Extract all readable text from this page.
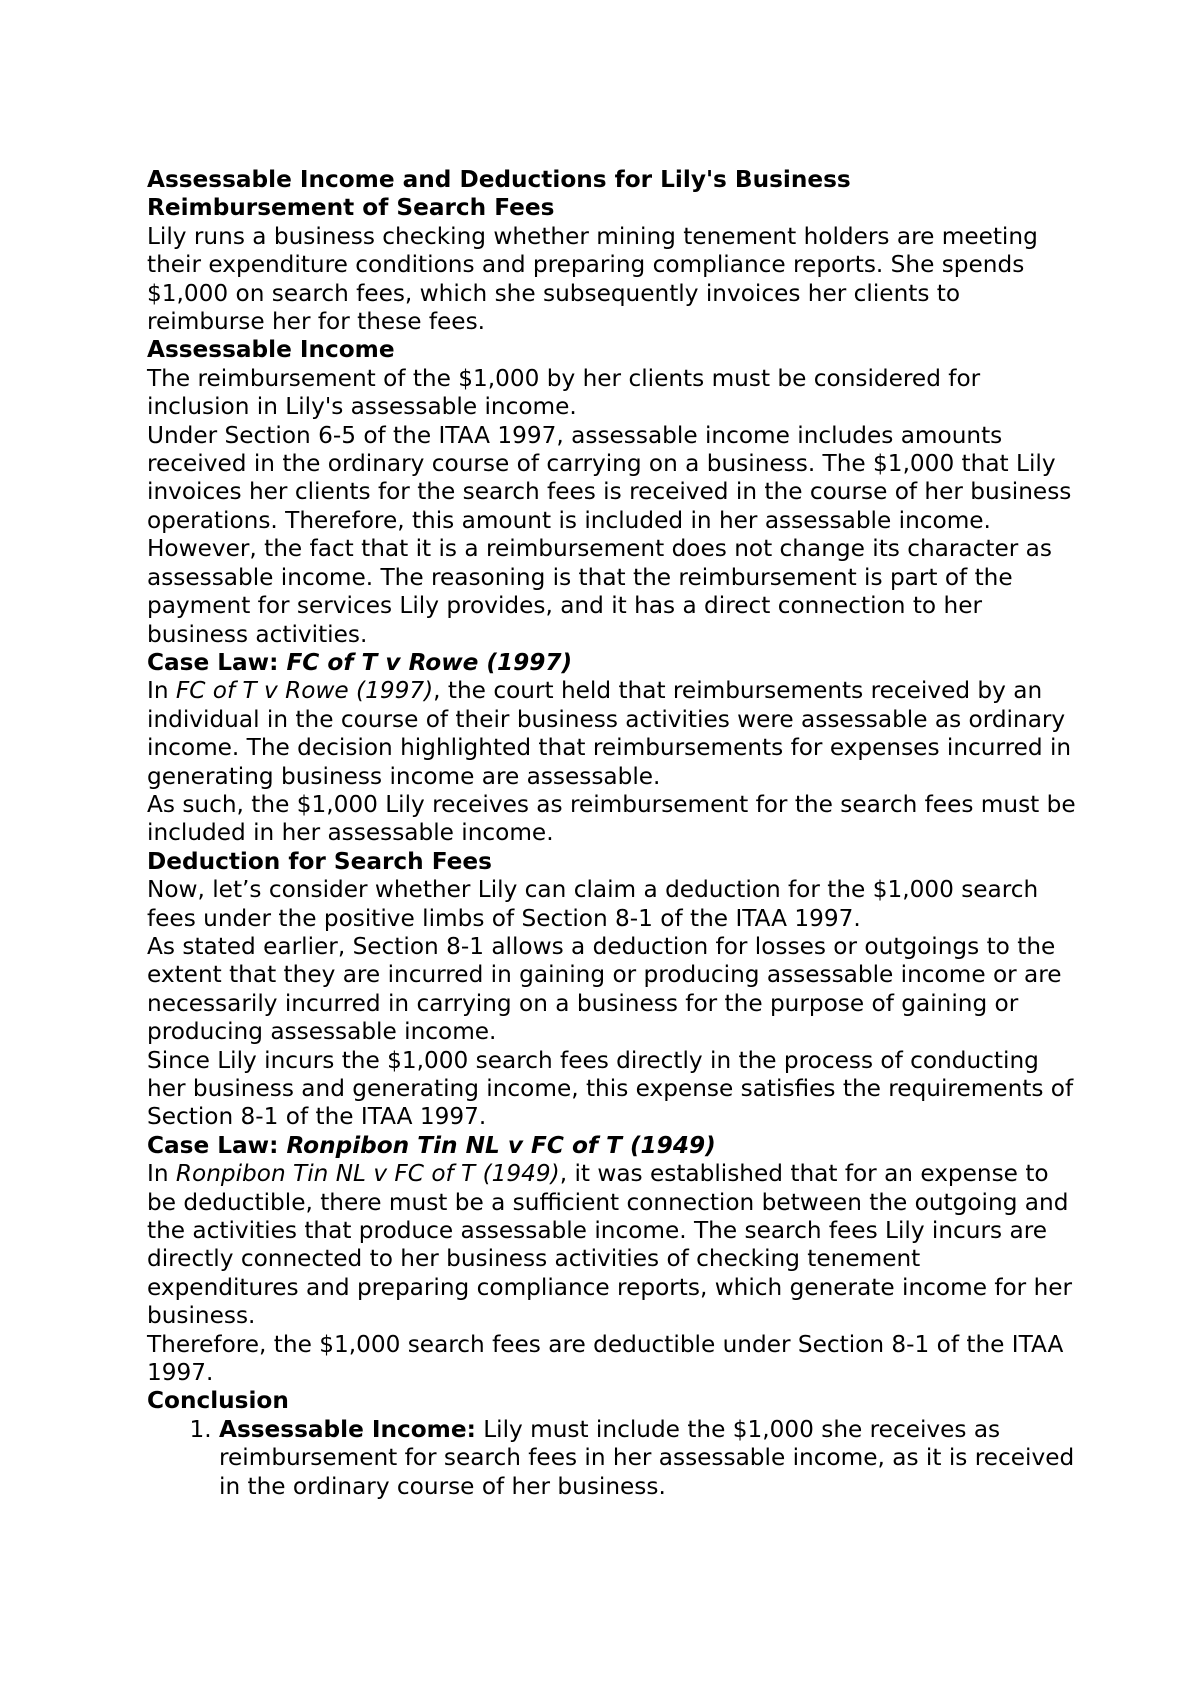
Assessable Income and Deductions for Lily's Business

Reimbursement of Search Fees

Lily runs a business checking whether mining tenement holders are meeting their expenditure conditions and preparing compliance reports. She spends $1,000 on search fees, which she subsequently invoices her clients to reimburse her for these fees.

Assessable Income

The reimbursement of the $1,000 by her clients must be considered for inclusion in Lily's assessable income.

Under Section 6-5 of the ITAA 1997, assessable income includes amounts received in the ordinary course of carrying on a business. The $1,000 that Lily invoices her clients for the search fees is received in the course of her business operations. Therefore, this amount is included in her assessable income.

However, the fact that it is a reimbursement does not change its character as assessable income. The reasoning is that the reimbursement is part of the payment for services Lily provides, and it has a direct connection to her business activities.

Case Law: FC of T v Rowe (1997)

In FC of T v Rowe (1997), the court held that reimbursements received by an individual in the course of their business activities were assessable as ordinary income. The decision highlighted that reimbursements for expenses incurred in generating business income are assessable.

As such, the $1,000 Lily receives as reimbursement for the search fees must be included in her assessable income.

Deduction for Search Fees

Now, let’s consider whether Lily can claim a deduction for the $1,000 search fees under the positive limbs of Section 8-1 of the ITAA 1997.

As stated earlier, Section 8-1 allows a deduction for losses or outgoings to the extent that they are incurred in gaining or producing assessable income or are necessarily incurred in carrying on a business for the purpose of gaining or producing assessable income.

Since Lily incurs the $1,000 search fees directly in the process of conducting her business and generating income, this expense satisfies the requirements of Section 8-1 of the ITAA 1997.

Case Law: Ronpibon Tin NL v FC of T (1949)

In Ronpibon Tin NL v FC of T (1949), it was established that for an expense to be deductible, there must be a sufficient connection between the outgoing and the activities that produce assessable income. The search fees Lily incurs are directly connected to her business activities of checking tenement expenditures and preparing compliance reports, which generate income for her business.

Therefore, the $1,000 search fees are deductible under Section 8-1 of the ITAA 1997.

Conclusion

1. Assessable Income: Lily must include the $1,000 she receives as reimbursement for search fees in her assessable income, as it is received in the ordinary course of her business.
